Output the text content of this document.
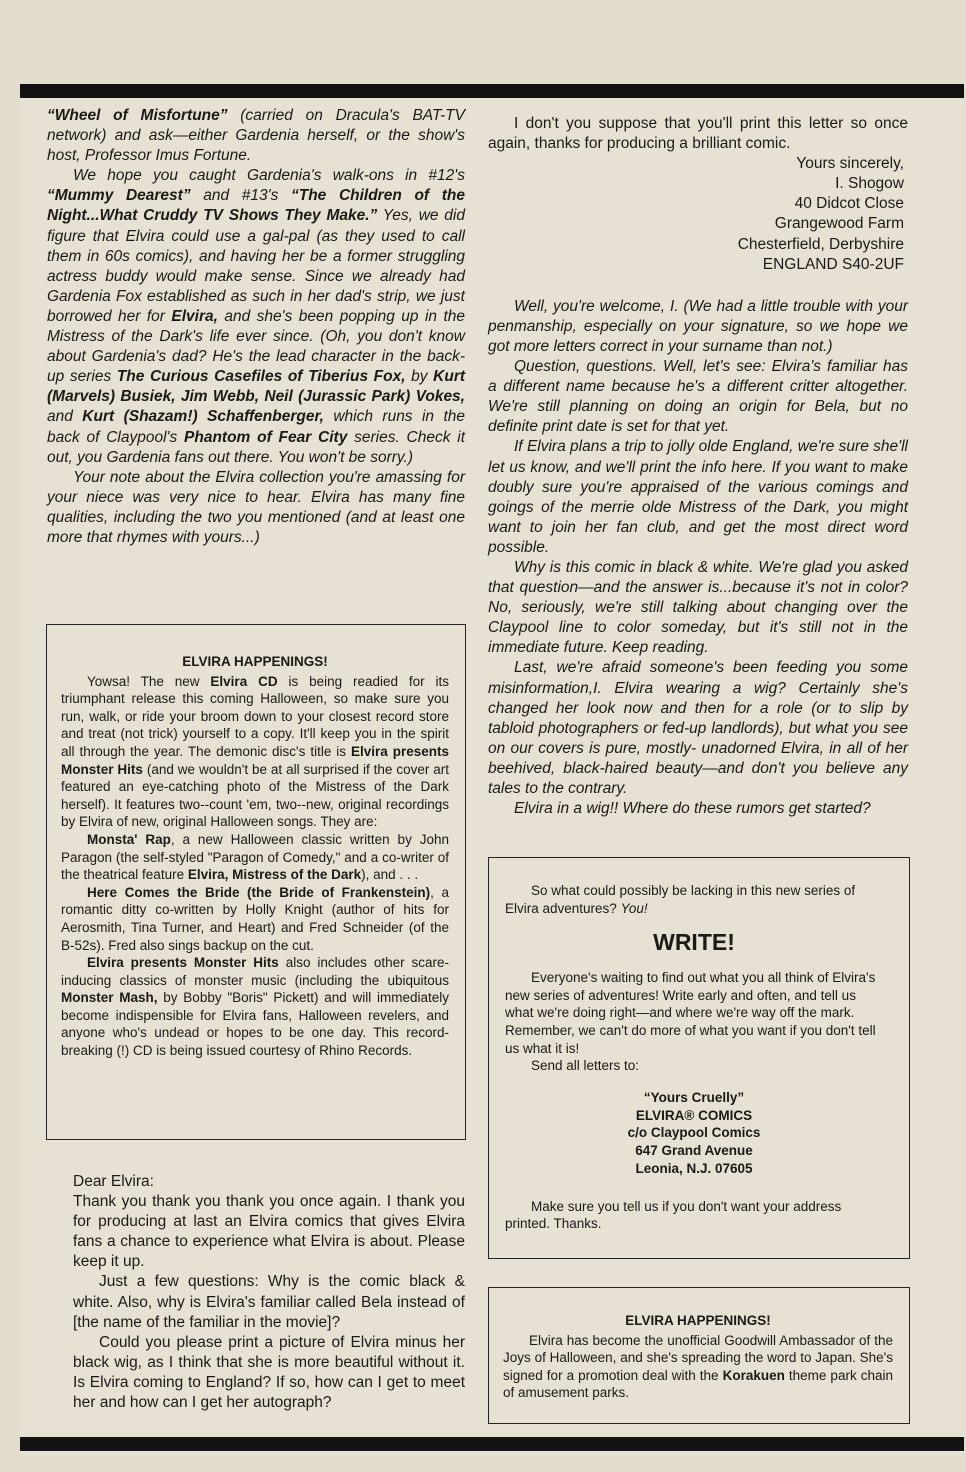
“Wheel of Misfortune” (carried on Dracula's BAT-TV network) and ask—either Gardenia herself, or the show's host, Professor Imus Fortune.

We hope you caught Gardenia's walk-ons in #12's “Mummy Dearest” and #13's “The Children of the Night...What Cruddy TV Shows They Make.” Yes, we did figure that Elvira could use a gal-pal (as they used to call them in 60s comics), and having her be a former struggling actress buddy would make sense. Since we already had Gardenia Fox established as such in her dad's strip, we just borrowed her for Elvira, and she's been popping up in the Mistress of the Dark's life ever since. (Oh, you don't know about Gardenia's dad? He's the lead character in the back-up series The Curious Casefiles of Tiberius Fox, by Kurt (Marvels) Busiek, Jim Webb, Neil (Jurassic Park) Vokes, and Kurt (Shazam!) Schaffenberger, which runs in the back of Claypool's Phantom of Fear City series. Check it out, you Gardenia fans out there. You won't be sorry.)

Your note about the Elvira collection you're amassing for your niece was very nice to hear. Elvira has many fine qualities, including the two you mentioned (and at least one more that rhymes with yours...)

ELVIRA HAPPENINGS!

Yowsa! The new Elvira CD is being readied for its triumphant release this coming Halloween, so make sure you run, walk, or ride your broom down to your closest record store and treat (not trick) yourself to a copy. It'll keep you in the spirit all through the year. The demonic disc's title is Elvira presents Monster Hits (and we wouldn't be at all surprised if the cover art featured an eye-catching photo of the Mistress of the Dark herself). It features two--count 'em, two--new, original recordings by Elvira of new, original Halloween songs. They are:

Monsta' Rap, a new Halloween classic written by John Paragon (the self-styled "Paragon of Comedy," and a co-writer of the theatrical feature Elvira, Mistress of the Dark), and . . .

Here Comes the Bride (the Bride of Frankenstein), a romantic ditty co-written by Holly Knight (author of hits for Aerosmith, Tina Turner, and Heart) and Fred Schneider (of the B-52s). Fred also sings backup on the cut.

Elvira presents Monster Hits also includes other scare-inducing classics of monster music (including the ubiquitous Monster Mash, by Bobby "Boris" Pickett) and will immediately become indispensible for Elvira fans, Halloween revelers, and anyone who's undead or hopes to be one day. This record-breaking (!) CD is being issued courtesy of Rhino Records.

Dear Elvira:

Thank you thank you thank you once again. I thank you for producing at last an Elvira comics that gives Elvira fans a chance to experience what Elvira is about. Please keep it up.

Just a few questions: Why is the comic black & white. Also, why is Elvira's familiar called Bela instead of [the name of the familiar in the movie]?

Could you please print a picture of Elvira minus her black wig, as I think that she is more beautiful without it. Is Elvira coming to England? If so, how can I get to meet her and how can I get her autograph?

I don't you suppose that you'll print this letter so once again, thanks for producing a brilliant comic.

Yours sincerely,

I. Shogow

40 Didcot Close

Grangewood Farm

Chesterfield, Derbyshire

ENGLAND S40-2UF

Well, you're welcome, I. (We had a little trouble with your penmanship, especially on your signature, so we hope we got more letters correct in your surname than not.)

Question, questions. Well, let's see: Elvira's familiar has a different name because he's a different critter altogether. We're still planning on doing an origin for Bela, but no definite print date is set for that yet.

If Elvira plans a trip to jolly olde England, we're sure she'll let us know, and we'll print the info here. If you want to make doubly sure you're appraised of the various comings and goings of the merrie olde Mistress of the Dark, you might want to join her fan club, and get the most direct word possible.

Why is this comic in black & white. We're glad you asked that question—and the answer is...because it's not in color? No, seriously, we're still talking about changing over the Claypool line to color someday, but it's still not in the immediate future. Keep reading.

Last, we're afraid someone's been feeding you some misinformation,I. Elvira wearing a wig? Certainly she's changed her look now and then for a role (or to slip by tabloid photographers or fed-up landlords), but what you see on our covers is pure, mostly- unadorned Elvira, in all of her beehived, black-haired beauty—and don't you believe any tales to the contrary.

Elvira in a wig!! Where do these rumors get started?

So what could possibly be lacking in this new series of Elvira adventures? You!

WRITE!

Everyone's waiting to find out what you all think of Elvira's new series of adventures! Write early and often, and tell us what we're doing right—and where we're way off the mark. Remember, we can't do more of what you want if you don't tell us what it is!

Send all letters to:

“Yours Cruelly”
ELVIRA® COMICS
c/o Claypool Comics
647 Grand Avenue
Leonia, N.J. 07605

Make sure you tell us if you don't want your address printed. Thanks.

ELVIRA HAPPENINGS!

Elvira has become the unofficial Goodwill Ambassador of the Joys of Halloween, and she's spreading the word to Japan. She's signed for a promotion deal with the Korakuen theme park chain of amusement parks.
